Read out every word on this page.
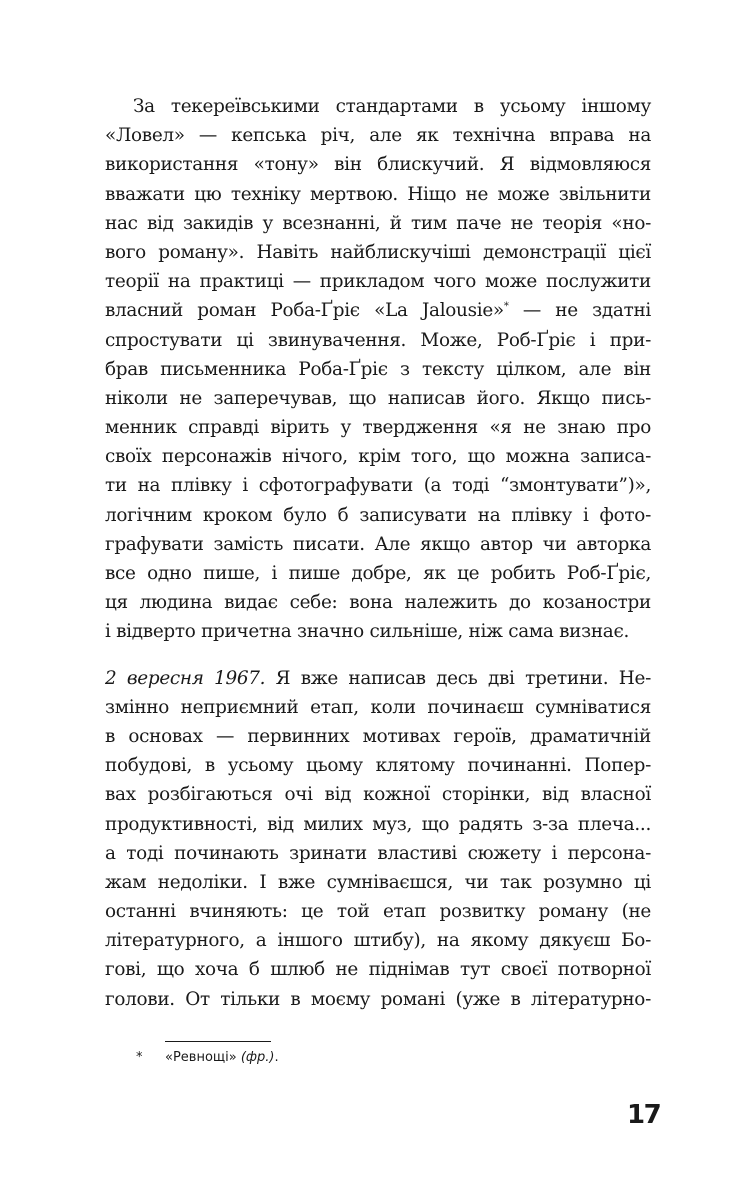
За текереївськими стандартами в усьому іншому
«Ловел» — кепська річ, але як технічна вправа на
використання «тону» він блискучий. Я відмовляюся
вважати цю техніку мертвою. Ніщо не може звільнити
нас від закидів у всезнанні, й тим паче не теорія «но-
вого роману». Навіть найблискучіші демонстрації цієї
теорії на практиці — прикладом чого може послужити
власний роман Роба-Ґріє «La Jalousie»* — не здатні
спростувати ці звинувачення. Може, Роб-Ґріє і при-
брав письменника Роба-Ґріє з тексту цілком, але він
ніколи не заперечував, що написав його. Якщо пись-
менник справді вірить у твердження «я не знаю про
своїх персонажів нічого, крім того, що можна записа-
ти на плівку і сфотографувати (а тоді “змонтувати”)»,
логічним кроком було б записувати на плівку і фото-
графувати замість писати. Але якщо автор чи авторка
все одно пише, і пише добре, як це робить Роб-Ґріє,
ця людина видає себе: вона належить до козаностри
і відверто причетна значно сильніше, ніж сама визнає.
2 вересня 1967. Я вже написав десь дві третини. Не-
змінно неприємний етап, коли починаєш сумніватися
в основах — первинних мотивах героїв, драматичній
побудові, в усьому цьому клятому починанні. Попер-
вах розбігаються очі від кожної сторінки, від власної
продуктивності, від милих муз, що радять з-за плеча...
а тоді починають зринати властиві сюжету і персона-
жам недоліки. І вже сумніваєшся, чи так розумно ці
останні вчиняють: це той етап розвитку роману (не
літературного, а іншого штибу), на якому дякуєш Бо-
гові, що хоча б шлюб не піднімав тут своєї потворної
голови. От тільки в моєму романі (уже в літературно-
* «Ревнощі» (фр.).
17
